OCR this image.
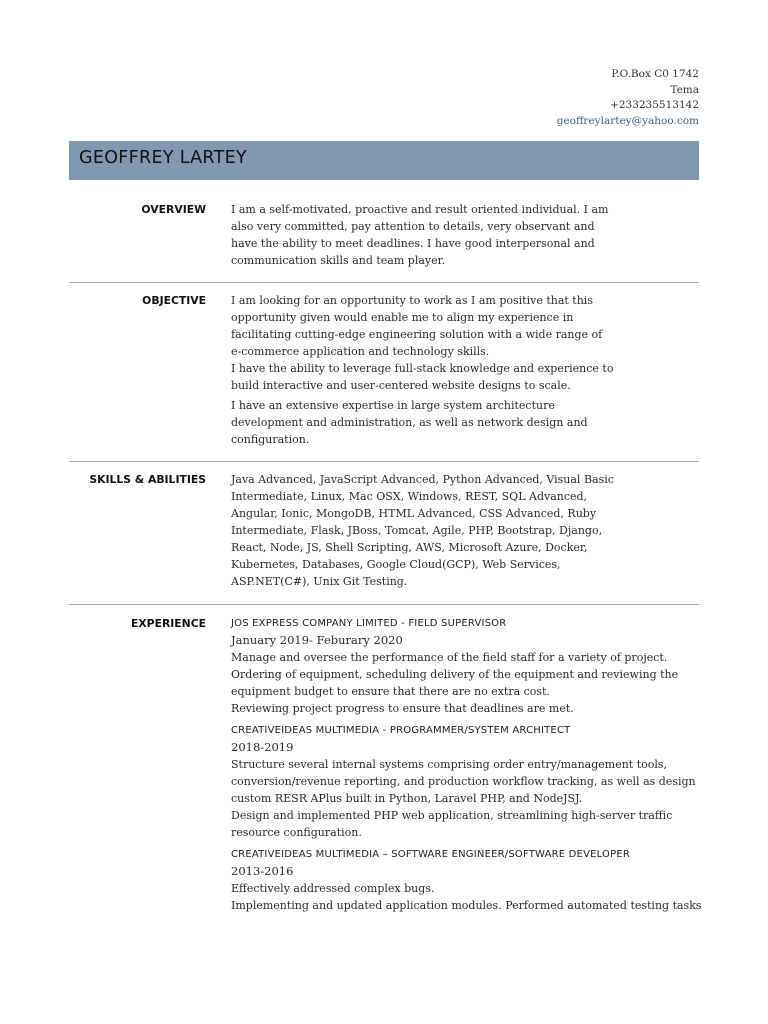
P.O.Box C0 1742
Tema
+233235513142
geoffreylartey@yahoo.com
GEOFFREY LARTEY
OVERVIEW I am a self-motivated, proactive and result oriented individual. I am

also very committed, pay attention to details, very observant and

have the ability to meet deadlines. I have good interpersonal and

communication skills and team player.

OBJECTIVE I am looking for an opportunity to work as I am positive that this

opportunity given would enable me to align my experience in

facilitating cutting-edge engineering solution with a wide range of

e-commerce application and technology skills.

I have the ability to leverage full-stack knowledge and experience to

build interactive and user-centered website designs to scale.

I have an extensive expertise in large system architecture

development and administration, as well as network design and

configuration.

SKILLS & ABILITIES Java Advanced, JavaScript Advanced, Python Advanced, Visual Basic

Intermediate, Linux, Mac OSX, Windows, REST, SQL Advanced,

Angular, Ionic, MongoDB, HTML Advanced, CSS Advanced, Ruby

Intermediate, Flask, JBoss, Tomcat, Agile, PHP, Bootstrap, Django,

React, Node, JS, Shell Scripting, AWS, Microsoft Azure, Docker,

Kubernetes, Databases, Google Cloud(GCP), Web Services,

ASP.NET(C#), Unix Git Testing.

EXPERIENCE	JOS EXPRESS COMPANY LIMITED - FIELD SUPERVISOR

January 2019- Feburary 2020

Manage and oversee the performance of the field staff for a variety of project.

Ordering of equipment, scheduling delivery of the equipment and reviewing the

equipment budget to ensure that there are no extra cost.

Reviewing project progress to ensure that deadlines are met.

CREATIVEIDEAS MULTIMEDIA - PROGRAMMER/SYSTEM ARCHITECT

2018-2019

Structure several internal systems comprising order entry/management tools,

conversion/revenue reporting, and production workflow tracking, as well as design

custom RESR APlus built in Python, Laravel PHP, and NodeJSJ.

Design and implemented PHP web application, streamlining high-server traffic

resource configuration.

CREATIVEIDEAS MULTIMEDIA – SOFTWARE ENGINEER/SOFTWARE DEVELOPER

2013-2016

Effectively addressed complex bugs.

Implementing and updated application modules. Performed automated testing tasks
